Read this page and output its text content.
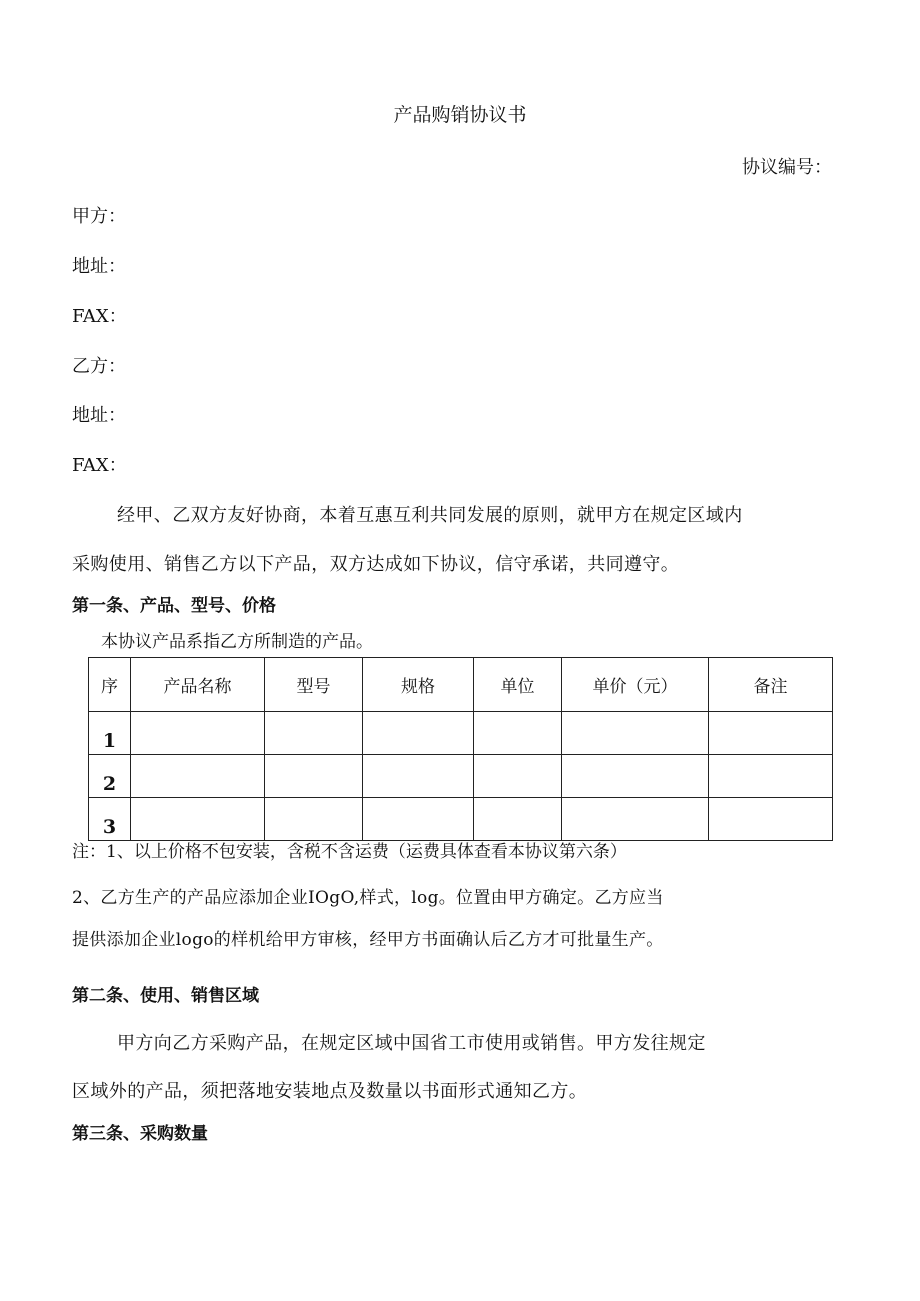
产品购销协议书
协议编号：
甲方：
地址：
FAX：
乙方：
地址：
FAX：
经甲、乙双方友好协商，本着互惠互利共同发展的原则，就甲方在规定区域内
采购使用、销售乙方以下产品，双方达成如下协议，信守承诺，共同遵守。
第一条、产品、型号、价格
本协议产品系指乙方所制造的产品。
序	产品名称	型号	规格	单位	单价（元）	备注
1						
2						
3						
注：1、以上价格不包安装，含税不含运费（运费具体查看本协议第六条）
2、乙方生产的产品应添加企业IOgO,样式，log。位置由甲方确定。乙方应当
提供添加企业logo的样机给甲方审核，经甲方书面确认后乙方才可批量生产。
第二条、使用、销售区域
甲方向乙方采购产品，在规定区域中国省工市使用或销售。甲方发往规定
区域外的产品，须把落地安装地点及数量以书面形式通知乙方。
第三条、采购数量
